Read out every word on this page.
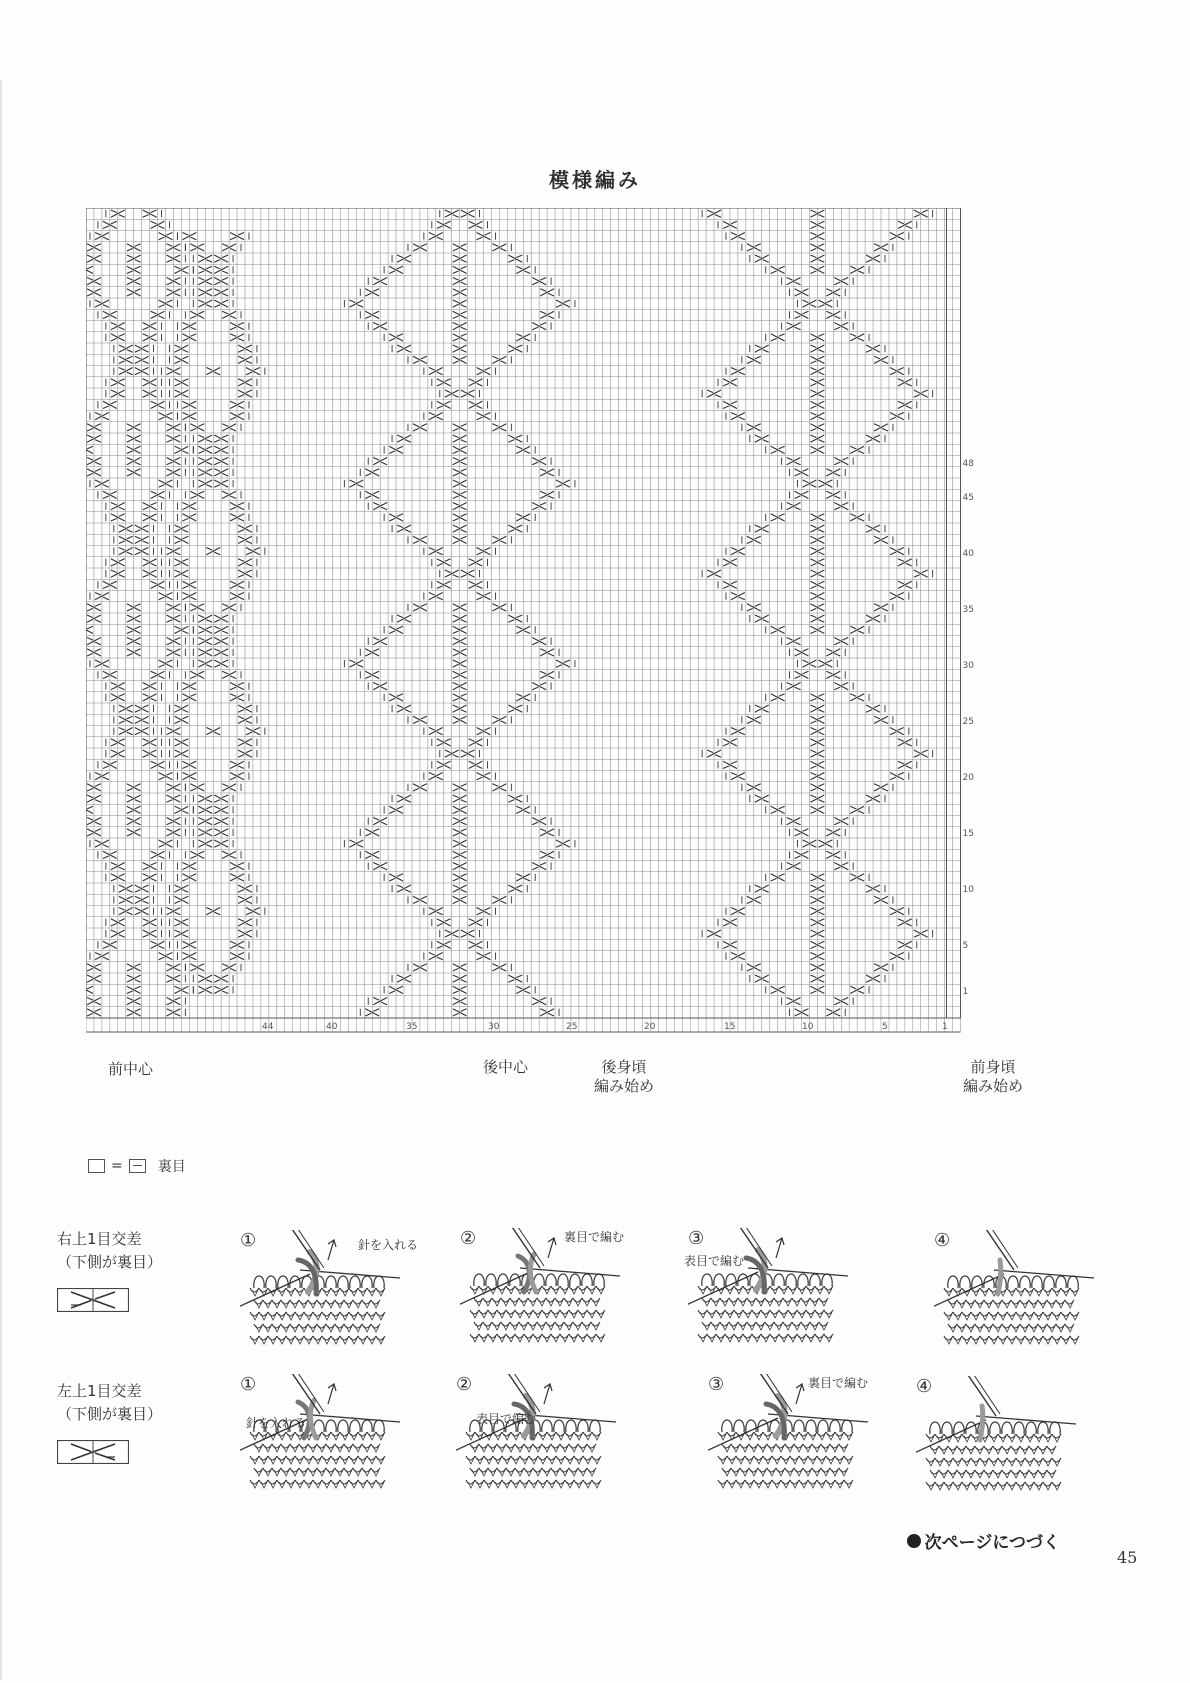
模様編み
44	40	35	30	25	20	15	10	5	1
48
45
40
35
30
25
20
15
10
5
1
前中心	後中心	後身頃
編み始め
前身頃
編み始め
=	裏目
右上1目交差
（下側が裏目）
左上1目交差
（下側が裏目）
①	針を入れる ②	裏目で編む	③
表目で編む
④
①
針を入れる
②
表目で編む
③	裏目で編む	④
次ページにつづく
45
